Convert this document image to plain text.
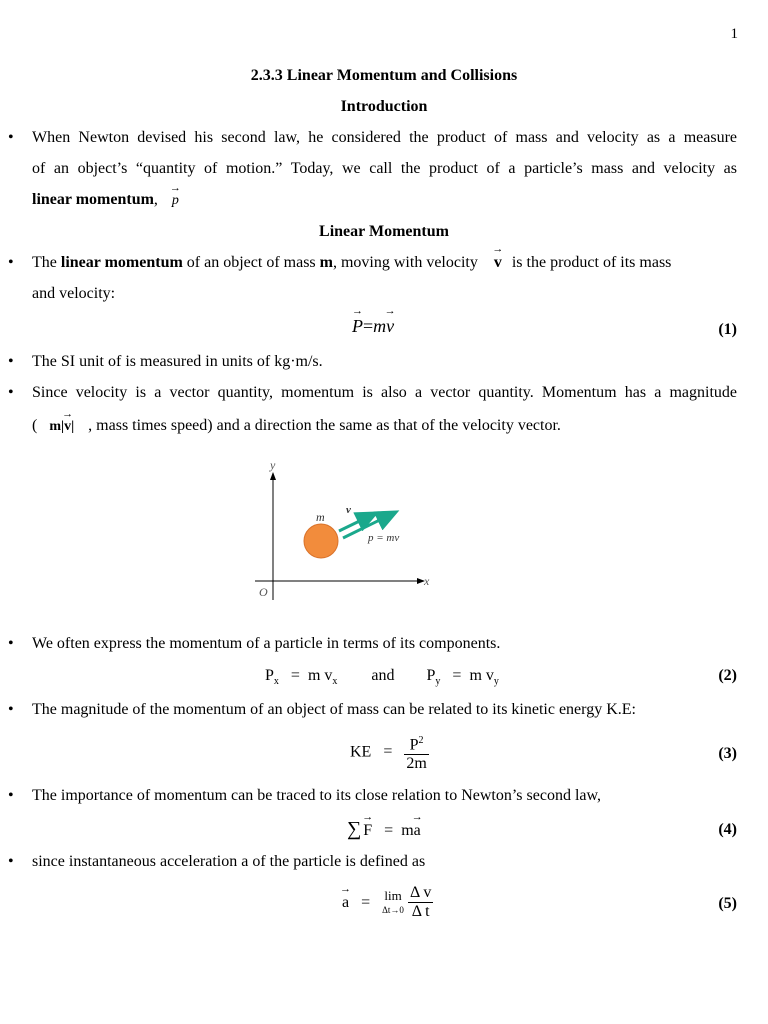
1
2.3.3 Linear Momentum and Collisions
Introduction
• When Newton devised his second law, he considered the product of mass and velocity as a measure
of an object’s “quantity of motion.” Today, we call the product of a particle’s mass and velocity as
linear momentum, → p
Linear Momentum
• The linear momentum of an object of mass m, moving with velocity → v is the product of its mass
and velocity:
→ P=m→ v	(1)
• The SI unit of is measured in units of kg·m/s.
• Since velocity is a vector quantity, momentum is also a vector quantity. Momentum has a magnitude
( m|→ v| , mass times speed) and a direction the same as that of the velocity vector.
y
x
O
m v
p = mv
• We often express the momentum of a particle in terms of its components.
$P_x = m$ $v_x$ and $P_y = m$ $v_y$	(2)
• The magnitude of the momentum of an object of mass can be related to its kinetic energy K.E:
KE = $\frac{P^2}{2m}$	(3)
• The importance of momentum can be traced to its close relation to Newton’s second law,
∑ → F = m→ a	(4)
• since instantaneous acceleration a of the particle is defined as
→ a = lim
Δt→0
$\frac{\text{Δ v}}{\text{Δ t}}$	(5)
